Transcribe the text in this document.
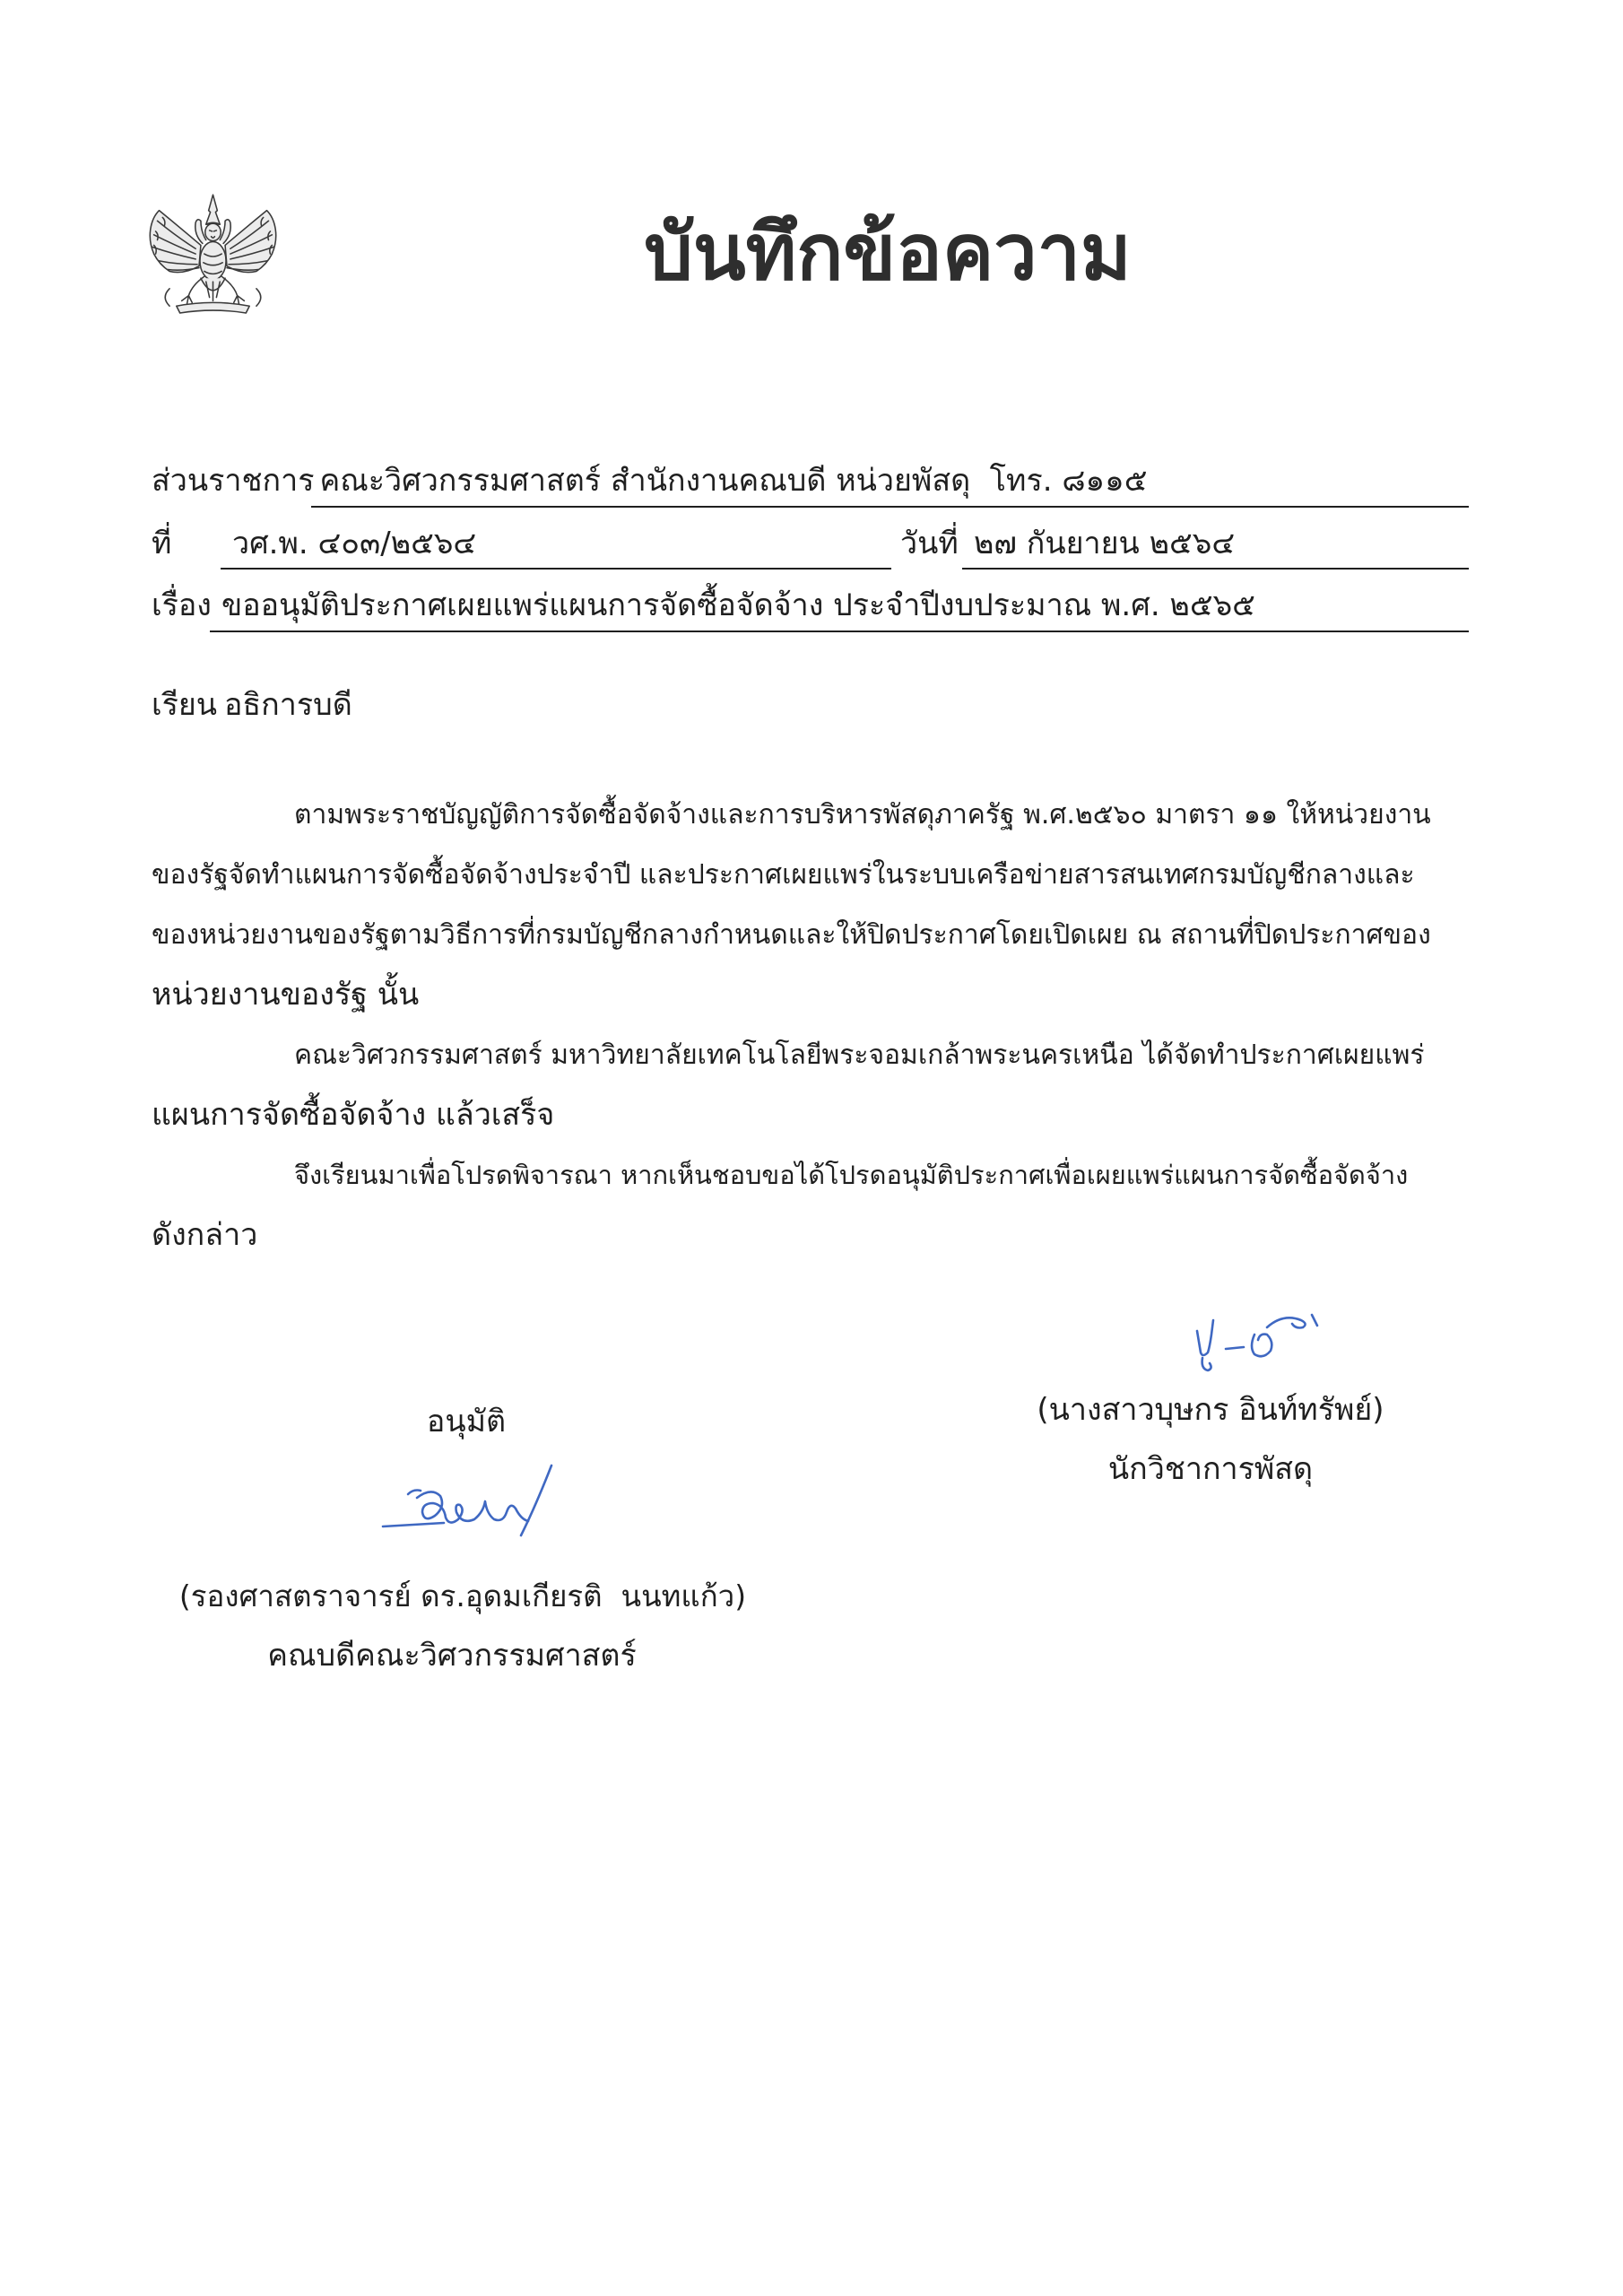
บันทึกข้อความ
ส่วนราชการ คณะวิศวกรรมศาสตร์ สำนักงานคณบดี หน่วยพัสดุ  โทร. ๘๑๑๕
ที่	วศ.พ. ๔๐๓/๒๕๖๔	วันที่ ๒๗ กันยายน ๒๕๖๔
เรื่อง ขออนุมัติประกาศเผยแพร่แผนการจัดซื้อจัดจ้าง ประจำปีงบประมาณ พ.ศ. ๒๕๖๕
เรียน อธิการบดี
ตามพระราชบัญญัติการจัดซื้อจัดจ้างและการบริหารพัสดุภาครัฐ พ.ศ.๒๕๖๐ มาตรา ๑๑ ให้หน่วยงาน
ของรัฐจัดทำแผนการจัดซื้อจัดจ้างประจำปี และประกาศเผยแพร่ในระบบเครือข่ายสารสนเทศกรมบัญชีกลางและ
ของหน่วยงานของรัฐตามวิธีการที่กรมบัญชีกลางกำหนดและให้ปิดประกาศโดยเปิดเผย ณ สถานที่ปิดประกาศของ
หน่วยงานของรัฐ นั้น
คณะวิศวกรรมศาสตร์ มหาวิทยาลัยเทคโนโลยีพระจอมเกล้าพระนครเหนือ ได้จัดทำประกาศเผยแพร่
แผนการจัดซื้อจัดจ้าง แล้วเสร็จ
จึงเรียนมาเพื่อโปรดพิจารณา หากเห็นชอบขอได้โปรดอนุมัติประกาศเพื่อเผยแพร่แผนการจัดซื้อจัดจ้าง
ดังกล่าว
(นางสาวบุษกร อินท์ทรัพย์)
นักวิชาการพัสดุ
อนุมัติ
(รองศาสตราจารย์ ดร.อุดมเกียรติ  นนทแก้ว)
คณบดีคณะวิศวกรรมศาสตร์
